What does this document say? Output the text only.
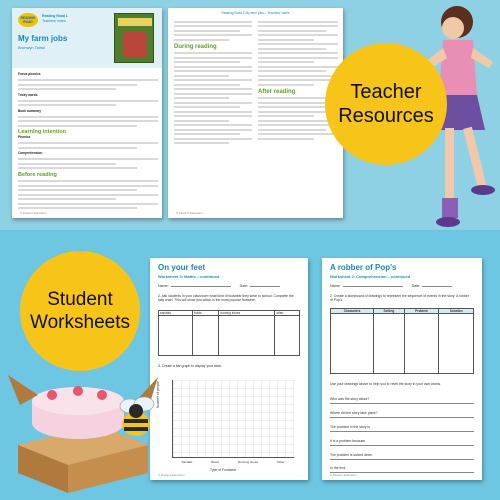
READING ROAD
Reading Road 1
Teachers' notes
My farm jobs
Bronwyn Tainui
Focus phonics
Tricky words
Book summary
Learning intention
Phonics
Comprehension
Before reading
© Pearson Education
Reading Road 1 My farm jobs – Teachers' notes
During reading
After reading
© Pearson Education
On your feet
Worksheet 3: Maths – continued
Name:	Date:
2. Ask students in your classroom what kind of footwear they wear to school. Complete the tally chart. This will show you which is the most popular footwear.
sandals	boots	running shoes	other

3. Create a bar graph to display your data.
Number of people
Sandals	Boots	Running shoes	Other
Type of Footwear
© Pearson Education
A robber of Pop's
Worksheet 2: Comprehension – continued
Name:	Date:
2. Create a storyboard of drawings to represent the sequence of events in the story. A robber of Pop's.
Characters	Setting	Problem	Solution

Use your drawings above to help you to retell the story in your own words.
Who was the story about?
Where did the story take place?
The problem in the story is
It is a problem because
The problem is solved when
In the end,
© Pearson Education
Teacher Resources
Student Worksheets
